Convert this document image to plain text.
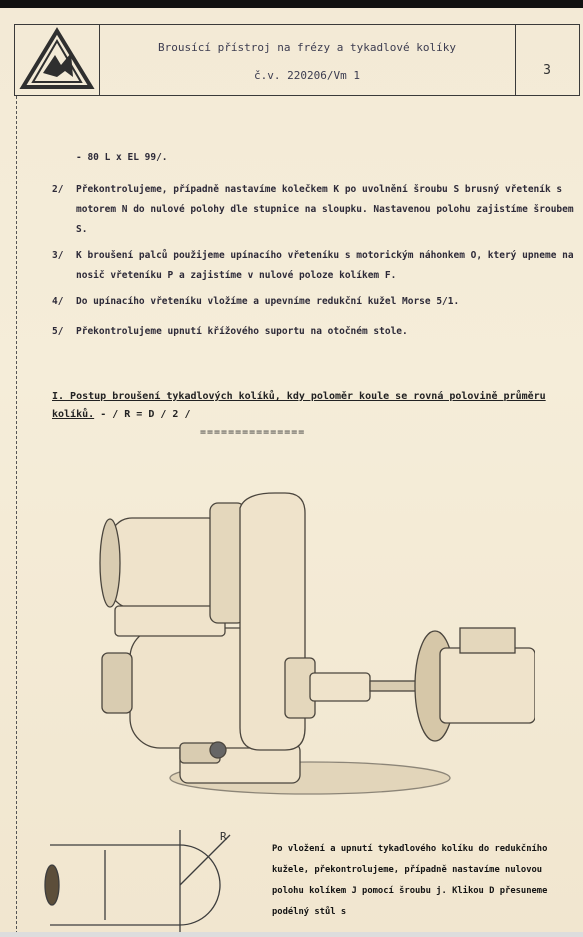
Brousící přístroj na frézy a tykadlové kolíky
č.v. 220206/Vm 1	3
- 80 L x EL 99/.
2/ Překontrolujeme, případně nastavíme kolečkem K po uvolnění šroubu S brusný vřeteník s motorem N do nulové polohy dle stupnice na sloupku. Nastavenou polohu zajistíme šroubem S.
3/ K broušení palců použijeme upínacího vřeteníku s motorickým náhonkem O, který upneme na nosič vřeteníku P a zajistíme v nulové poloze kolíkem F.
4/ Do upínacího vřeteníku vložíme a upevníme redukční kužel Morse 5/1.
5/ Překontrolujeme upnutí křížového suportu na otočném stole.
I. Postup broušení tykadlových kolíků, kdy poloměr koule se rovná polovině průměru kolíků. - / R = D / 2 /
===============
R
Po vložení a upnutí tykadlového kolíku do redukčního kužele, překontrolujeme, případně nastavíme nulovou polohu kolíkem J pomocí šroubu j. Klikou D přesuneme podélný stůl s
